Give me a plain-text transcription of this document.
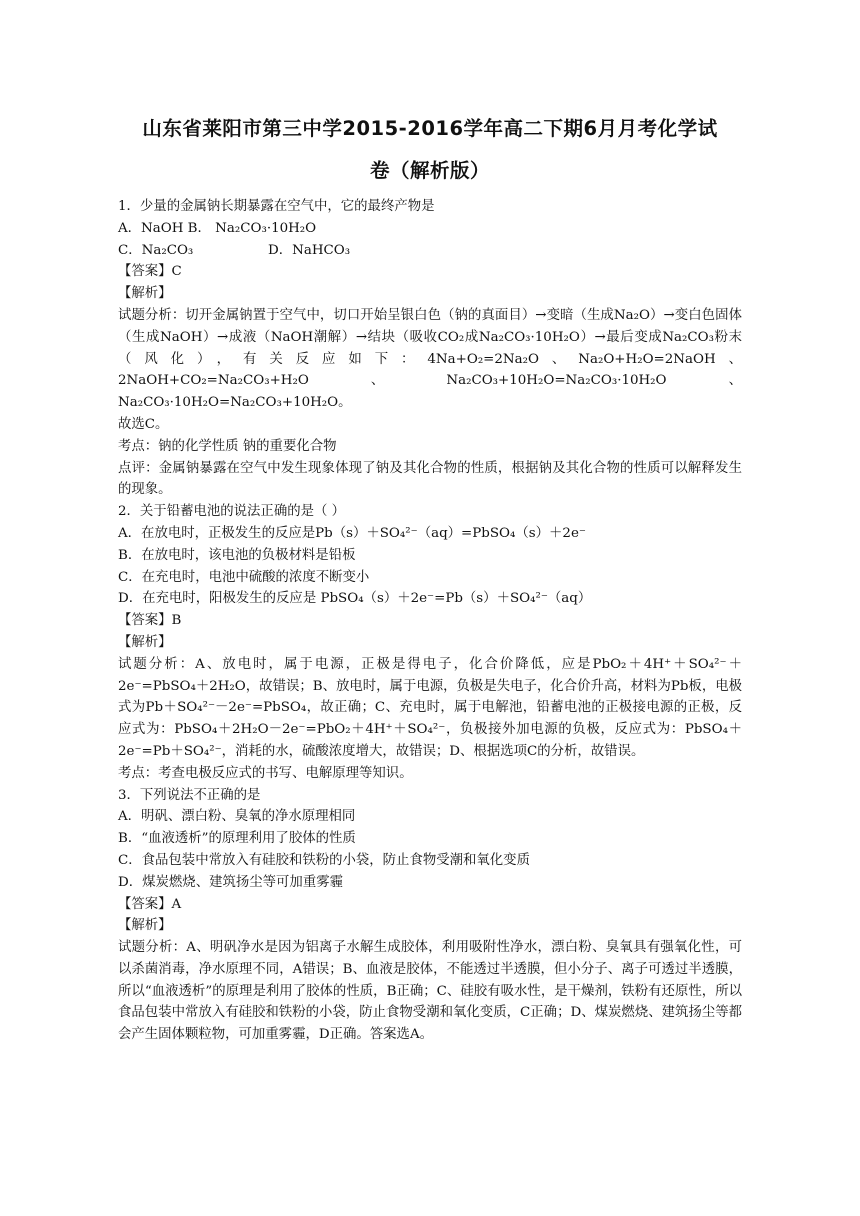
山东省莱阳市第三中学2015-2016学年高二下期6月月考化学试
卷（解析版）

1．少量的金属钠长期暴露在空气中，它的最终产物是

A．NaOH B． Na₂CO₃·10H₂O

C．Na₂CO₃	D．NaHCO₃

【答案】C

【解析】

试题分析：切开金属钠置于空气中，切口开始呈银白色（钠的真面目）→变暗（生成Na₂O）→变白色固体（生成NaOH）→成液（NaOH潮解）→结块（吸收CO₂成Na₂CO₃·10H₂O）→最后变成Na₂CO₃粉末（风化），有关反应如下：4Na+O₂=2Na₂O、Na₂O+H₂O=2NaOH、2NaOH+CO₂=Na₂CO₃+H₂O、Na₂CO₃+10H₂O=Na₂CO₃·10H₂O、Na₂CO₃·10H₂O=Na₂CO₃+10H₂O。

故选C。

考点：钠的化学性质 钠的重要化合物

点评：金属钠暴露在空气中发生现象体现了钠及其化合物的性质，根据钠及其化合物的性质可以解释发生的现象。

2．关于铅蓄电池的说法正确的是（ ）

A．在放电时，正极发生的反应是Pb（s）＋SO₄²⁻（aq）=PbSO₄（s）＋2e⁻

B．在放电时，该电池的负极材料是铅板

C．在充电时，电池中硫酸的浓度不断变小

D．在充电时，阳极发生的反应是 PbSO₄（s）＋2e⁻=Pb（s）＋SO₄²⁻（aq）

【答案】B

【解析】

试题分析：A、放电时，属于电源，正极是得电子，化合价降低，应是PbO₂＋4H⁺＋SO₄²⁻＋2e⁻=PbSO₄＋2H₂O，故错误；B、放电时，属于电源，负极是失电子，化合价升高，材料为Pb板，电极式为Pb＋SO₄²⁻－2e⁻=PbSO₄，故正确；C、充电时，属于电解池，铅蓄电池的正极接电源的正极，反应式为：PbSO₄＋2H₂O－2e⁻=PbO₂＋4H⁺＋SO₄²⁻，负极接外加电源的负极，反应式为：PbSO₄＋2e⁻=Pb＋SO₄²⁻，消耗的水，硫酸浓度增大，故错误；D、根据选项C的分析，故错误。

考点：考查电极反应式的书写、电解原理等知识。

3．下列说法不正确的是

A．明矾、漂白粉、臭氧的净水原理相同

B．“血液透析”的原理利用了胶体的性质

C．食品包装中常放入有硅胶和铁粉的小袋，防止食物受潮和氧化变质

D．煤炭燃烧、建筑扬尘等可加重雾霾

【答案】A

【解析】

试题分析：A、明矾净水是因为铝离子水解生成胶体，利用吸附性净水，漂白粉、臭氧具有强氧化性，可以杀菌消毒，净水原理不同，A错误；B、血液是胶体，不能透过半透膜，但小分子、离子可透过半透膜，所以“血液透析”的原理是利用了胶体的性质，B正确；C、硅胶有吸水性，是干燥剂，铁粉有还原性，所以食品包装中常放入有硅胶和铁粉的小袋，防止食物受潮和氧化变质，C正确；D、煤炭燃烧、建筑扬尘等都会产生固体颗粒物，可加重雾霾，D正确。答案选A。
